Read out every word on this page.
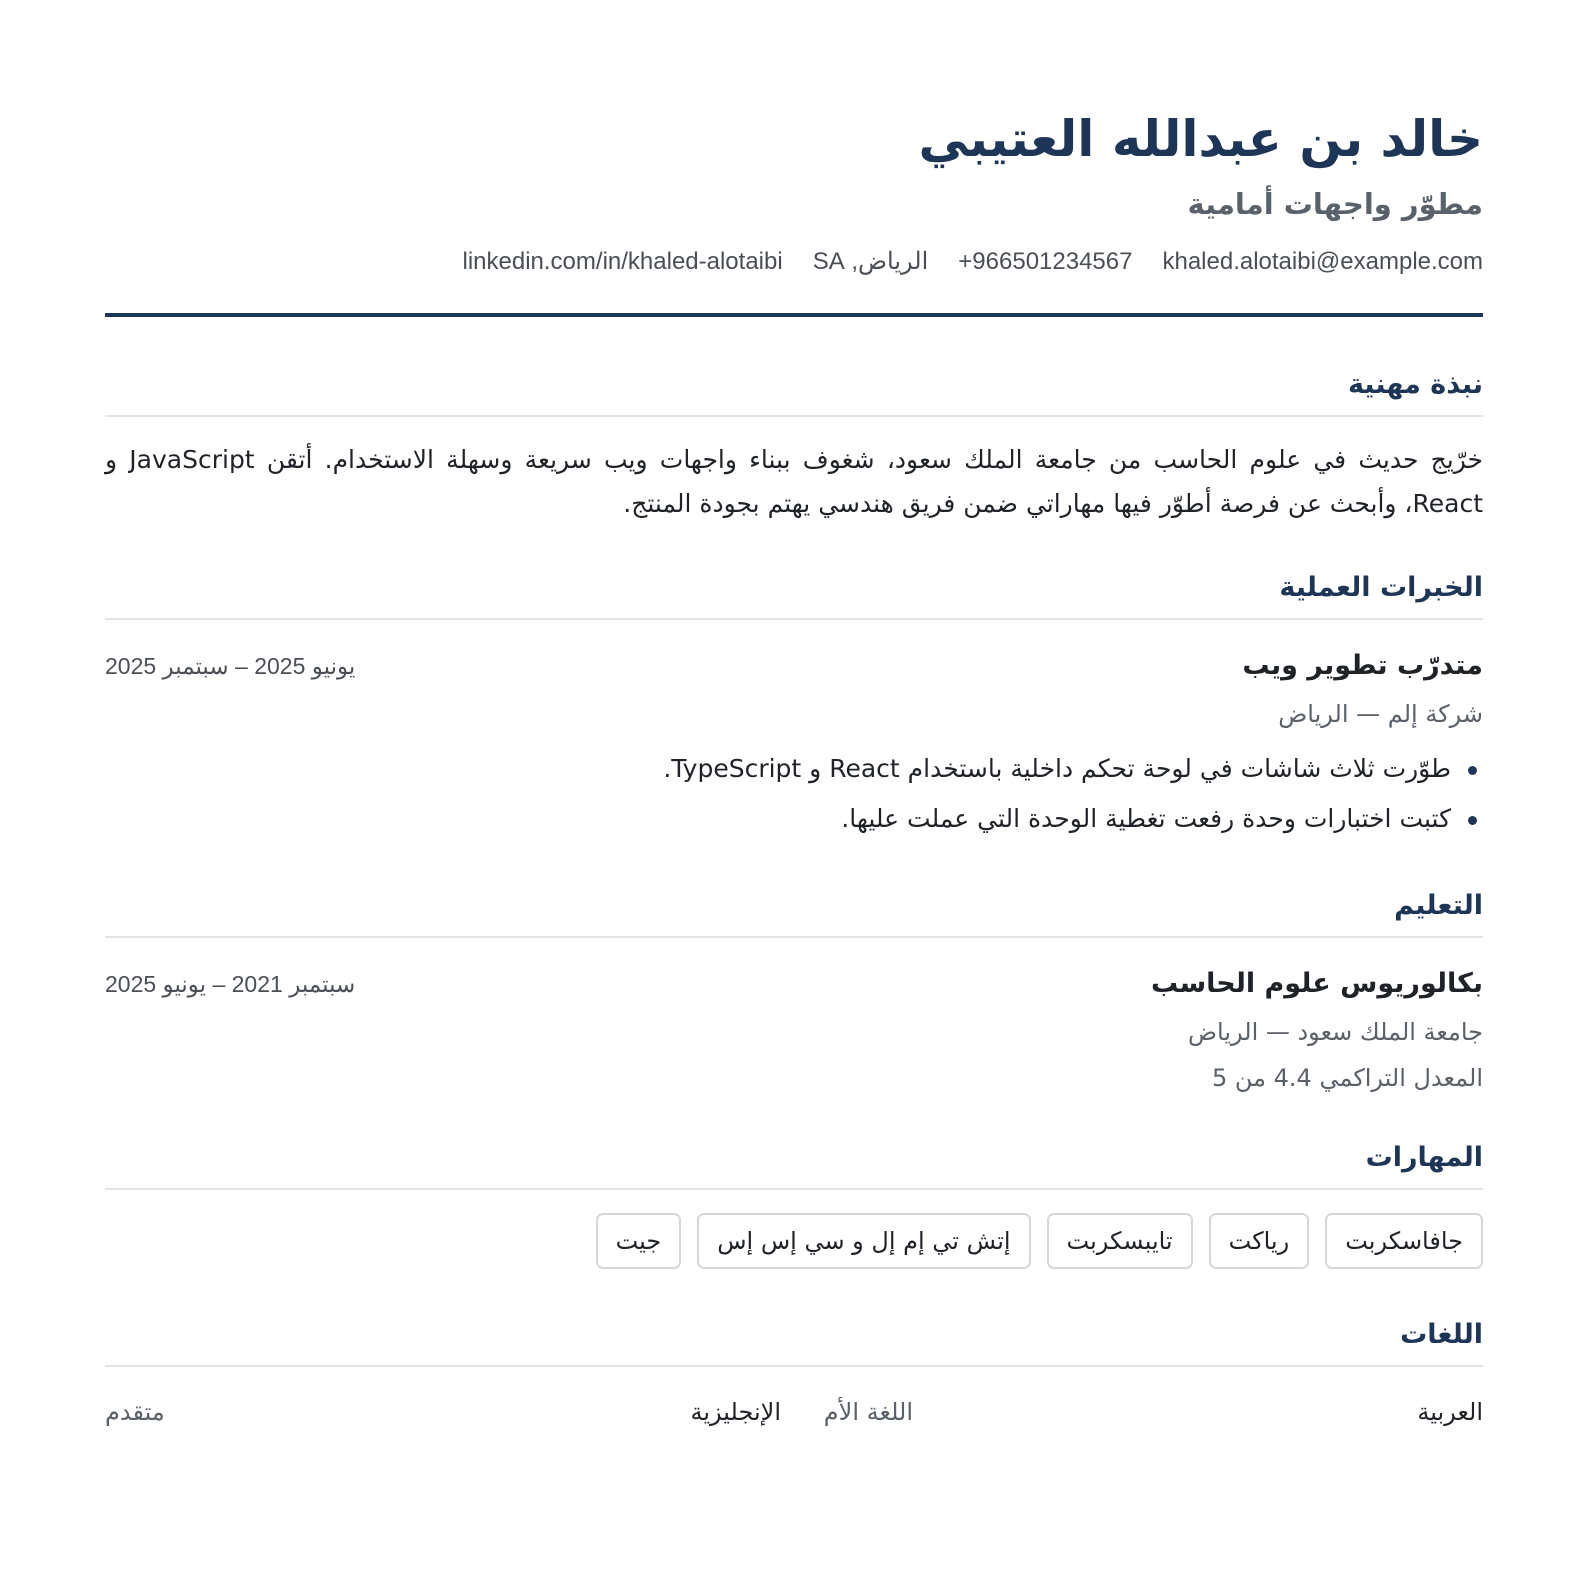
خالد بن عبدالله العتيبي
مطوّر واجهات أمامية
khaled.alotaibi@example.com
+966501234567
الرياض, SA
linkedin.com/in/khaled-alotaibi
نبذة مهنية

خرّيج حديث في علوم الحاسب من جامعة الملك سعود، شغوف ببناء واجهات ويب سريعة وسهلة الاستخدام. أتقن JavaScript و React، وأبحث عن فرصة أطوّر فيها مهاراتي ضمن فريق هندسي يهتم بجودة المنتج.

الخبرات العملية
متدرّب تطوير ويب
يونيو 2025 – سبتمبر 2025
شركة إلم — الرياض
طوّرت ثلاث شاشات في لوحة تحكم داخلية باستخدام React و TypeScript.
كتبت اختبارات وحدة رفعت تغطية الوحدة التي عملت عليها.
التعليم
بكالوريوس علوم الحاسب
سبتمبر 2021 – يونيو 2025
جامعة الملك سعود — الرياض
المعدل التراكمي 4.4 من 5
المهارات
جافاسكربت
رياكت
تايبسكربت
إتش تي إم إل و سي إس إس
جيت
اللغات
العربية
اللغة الأم
الإنجليزية
متقدم
